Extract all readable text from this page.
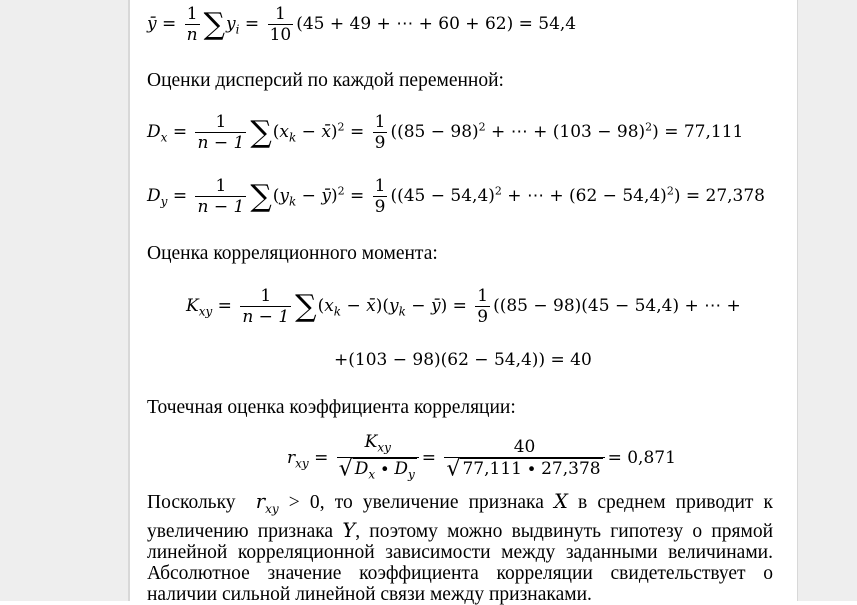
ȳ = $\frac{1}{n} \sum y_i = \frac{1}{10} (45 + 49$ + ⋯ + 60 + 62) = 54,4
Оценки дисперсий по каждой переменной:
$D_x = \frac{1}{n - 1} \sum(x_k$ − x̄)$^2$ = $\frac{1}{9} ((85 - 98)^2$ + ⋯ + $(103 - 98)^2) = 77,111$
$D_y = \frac{1}{n - 1} \sum(y_k$ − ȳ)$^2$ = $\frac{1}{9} ((45 - 54,4)^2$ + ⋯ + $(62 - 54,4)^2) = 27,378$
Оценка корреляционного момента:
$K_{xy} = \frac{1}{n - 1} \sum(x_k$ − $x̄)(y_k$ − ȳ) = $\frac{1}{9} ((85 - 98)(45 - 54,4)$ + ⋯ +
+(103 − 98)(62 − 54,4)) = 40
Точечная оценка коэффициента корреляции:
$r_{xy} = \frac{K_{xy}}{√ D_x \cdot D_y} = \frac{40}{√ 77,111 \cdot 27,378} = 0,871$
Поскольку $r_{xy} > 0$, то увеличение признака X в среднем приводит к увеличению признака Y, поэтому можно выдвинуть гипотезу о прямой линейной корреляционной зависимости между заданными величинами. Абсолютное значение коэффициента корреляции свидетельствует о наличии сильной линейной связи между признаками.
